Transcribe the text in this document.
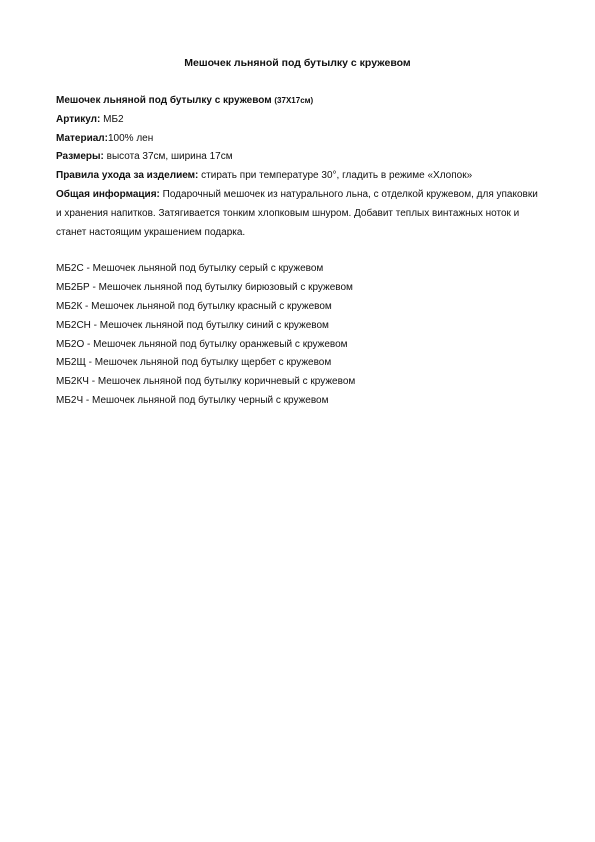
Мешочек льняной под бутылку с кружевом
Мешочек льняной под бутылку с кружевом (37X17см)
Артикул: МБ2
Материал:100% лен
Размеры: высота 37см, ширина 17см
Правила ухода за изделием: стирать при температуре 30°, гладить в режиме «Хлопок»
Общая информация: Подарочный мешочек из натурального льна, с отделкой кружевом, для упаковки и хранения напитков. Затягивается тонким хлопковым шнуром. Добавит теплых винтажных ноток и станет настоящим украшением подарка.
МБ2С - Мешочек льняной под бутылку серый с кружевом
МБ2БР - Мешочек льняной под бутылку бирюзовый с кружевом
МБ2К - Мешочек льняной под бутылку красный с кружевом
МБ2СН - Мешочек льняной под бутылку синий с кружевом
МБ2О - Мешочек льняной под бутылку оранжевый с кружевом
МБ2Щ - Мешочек льняной под бутылку щербет с кружевом
МБ2КЧ - Мешочек льняной под бутылку коричневый с кружевом
МБ2Ч - Мешочек льняной под бутылку черный с кружевом
